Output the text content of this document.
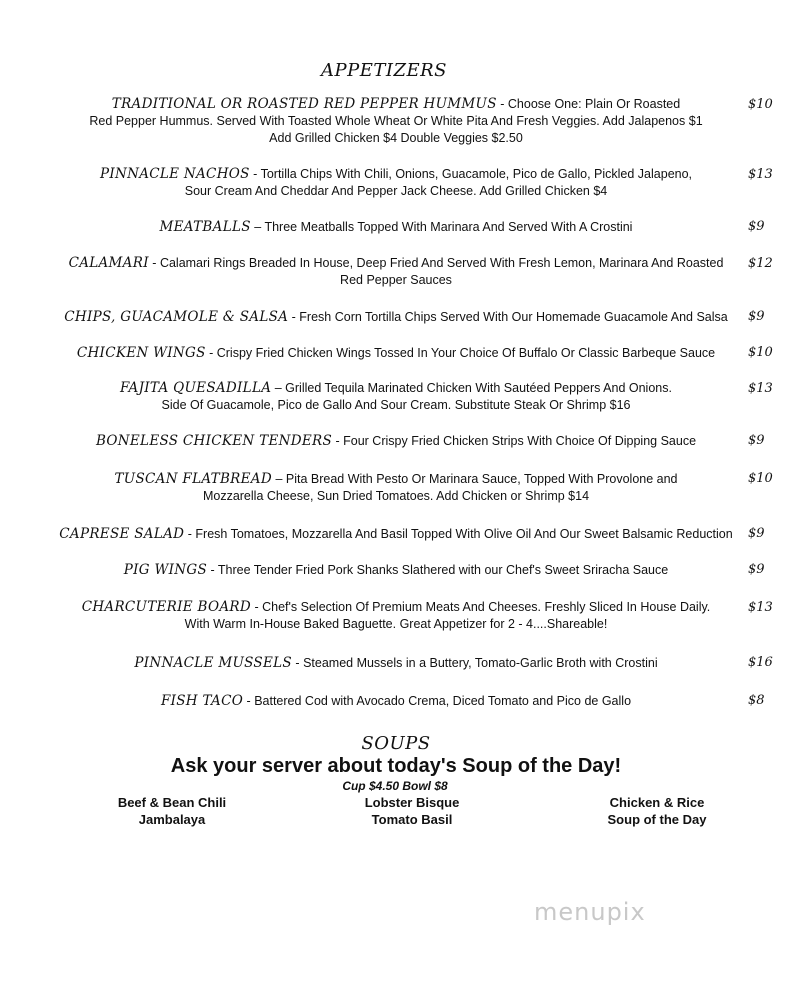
APPETIZERS
TRADITIONAL OR ROASTED RED PEPPER HUMMUS - Choose One: Plain Or Roasted
Red Pepper Hummus. Served With Toasted Whole Wheat Or White Pita And Fresh Veggies. Add Jalapenos $1
Add Grilled Chicken $4 Double Veggies $2.50
$10
PINNACLE NACHOS - Tortilla Chips With Chili, Onions, Guacamole, Pico de Gallo, Pickled Jalapeno,
Sour Cream And Cheddar And Pepper Jack Cheese. Add Grilled Chicken $4
$13
MEATBALLS – Three Meatballs Topped With Marinara And Served With A Crostini	$9
CALAMARI - Calamari Rings Breaded In House, Deep Fried And Served With Fresh Lemon, Marinara And Roasted
Red Pepper Sauces
$12
CHIPS, GUACAMOLE & SALSA - Fresh Corn Tortilla Chips Served With Our Homemade Guacamole And Salsa	$9
CHICKEN WINGS - Crispy Fried Chicken Wings Tossed In Your Choice Of Buffalo Or Classic Barbeque Sauce	$10
FAJITA QUESADILLA – Grilled Tequila Marinated Chicken With Sautéed Peppers And Onions.
Side Of Guacamole, Pico de Gallo And Sour Cream. Substitute Steak Or Shrimp $16
$13
BONELESS CHICKEN TENDERS - Four Crispy Fried Chicken Strips With Choice Of Dipping Sauce	$9
TUSCAN FLATBREAD – Pita Bread With Pesto Or Marinara Sauce, Topped With Provolone and
Mozzarella Cheese, Sun Dried Tomatoes. Add Chicken or Shrimp $14
$10
CAPRESE SALAD - Fresh Tomatoes, Mozzarella And Basil Topped With Olive Oil And Our Sweet Balsamic Reduction	$9
PIG WINGS - Three Tender Fried Pork Shanks Slathered with our Chef's Sweet Sriracha Sauce	$9
CHARCUTERIE BOARD - Chef's Selection Of Premium Meats And Cheeses. Freshly Sliced In House Daily.
With Warm In-House Baked Baguette. Great Appetizer for 2 - 4....Shareable!
$13
PINNACLE MUSSELS - Steamed Mussels in a Buttery, Tomato-Garlic Broth with Crostini	$16
FISH TACO - Battered Cod with Avocado Crema, Diced Tomato and Pico de Gallo	$8
SOUPS
Ask your server about today's Soup of the Day!
Cup $4.50 Bowl $8
Beef & Bean Chili	Lobster Bisque	Chicken & Rice
Jambalaya	Tomato Basil	Soup of the Day
menupix
